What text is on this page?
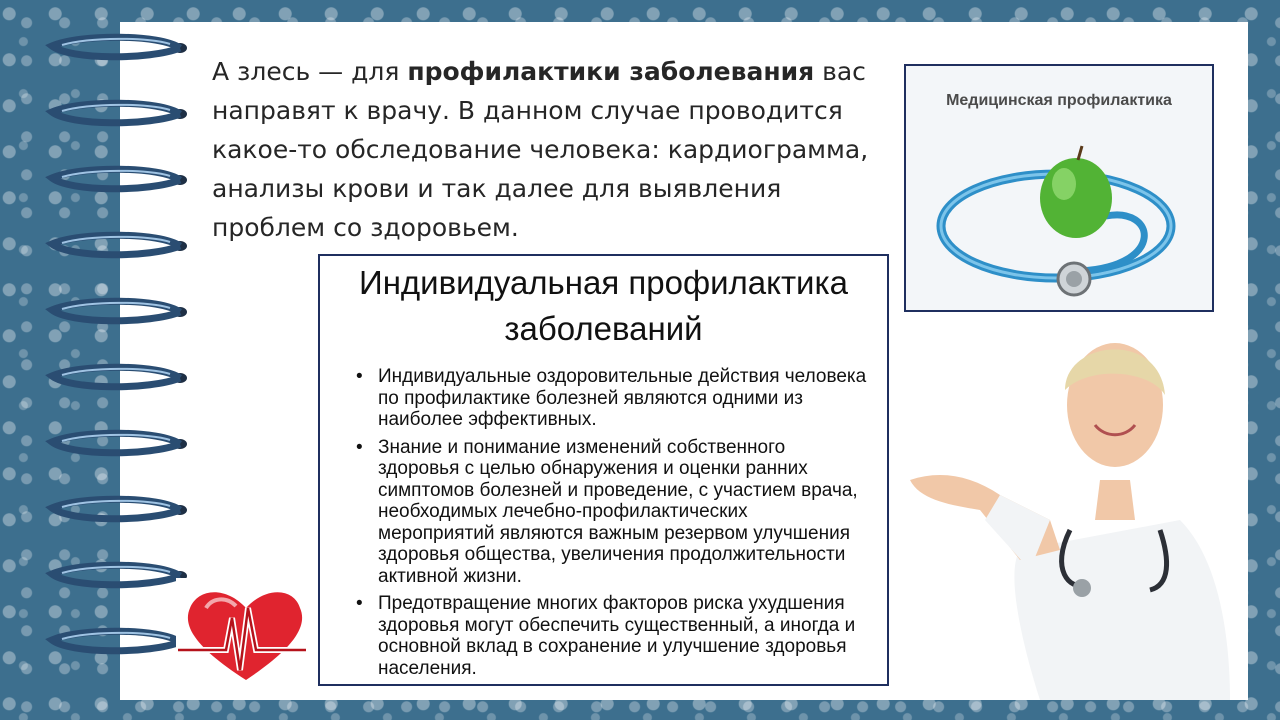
А злесь — для профилактики заболевания вас направят к врачу. В данном случае проводится какое-то обследование человека: кардиограмма, анализы крови и так далее для выявления проблем со здоровьем.
Медицинская профилактика
Индивидуальная профилактика заболеваний
• Индивидуальные оздоровительные действия человека по профилактике болезней являются одними из наиболее эффективных.
• Знание и понимание изменений собственного здоровья с целью обнаружения и оценки ранних симптомов болезней и проведение, с участием врача, необходимых лечебно-профилактических мероприятий являются важным резервом улучшения здоровья общества, увеличения продолжительности активной жизни.
• Предотвращение многих факторов риска ухудшения здоровья могут обеспечить существенный, а иногда и основной вклад в сохранение и улучшение здоровья населения.
